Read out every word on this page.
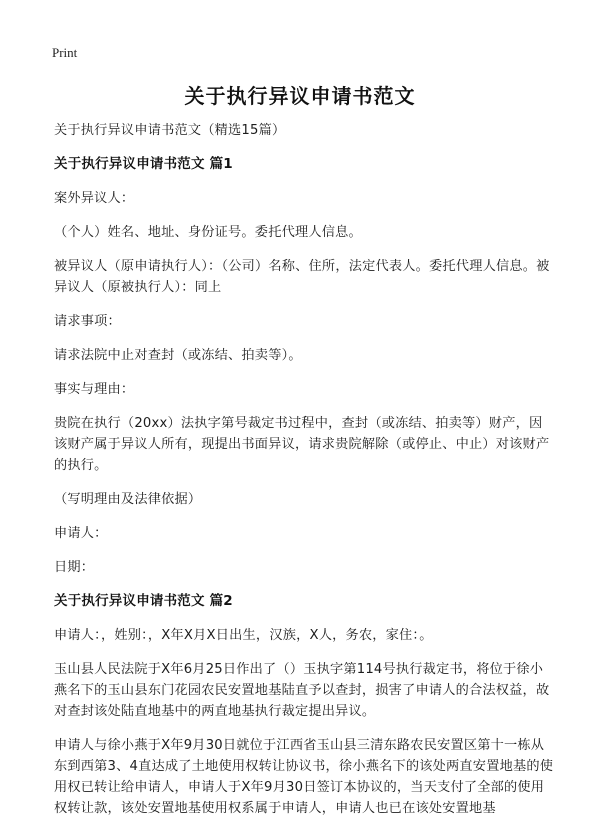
Print
关于执行异议申请书范文

关于执行异议申请书范文（精选15篇）

关于执行异议申请书范文 篇1

案外异议人：

（个人）姓名、地址、身份证号。委托代理人信息。

被异议人（原申请执行人）：（公司）名称、住所，法定代表人。委托代理人信息。被异议人（原被执行人）：同上

请求事项：

请求法院中止对查封（或冻结、拍卖等）。

事实与理由：

贵院在执行（20xx）法执字第号裁定书过程中，查封（或冻结、拍卖等）财产，因该财产属于异议人所有，现提出书面异议，请求贵院解除（或停止、中止）对该财产的执行。

（写明理由及法律依据）

申请人：

日期：

关于执行异议申请书范文 篇2

申请人：，姓别：，X年X月X日出生，汉族，X人，务农，家住：。

玉山县人民法院于X年6月25日作出了（）玉执字第114号执行裁定书，将位于徐小燕名下的玉山县东门花园农民安置地基陆直予以查封，损害了申请人的合法权益，故对查封该处陆直地基中的两直地基执行裁定提出异议。

申请人与徐小燕于X年9月30日就位于江西省玉山县三清东路农民安置区第十一栋从东到西第3、4直达成了土地使用权转让协议书，徐小燕名下的该处两直安置地基的使用权已转让给申请人，申请人于X年9月30日签订本协议的，当天支付了全部的使用权转让款，该处安置地基使用权系属于申请人，申请人也已在该处安置地基
